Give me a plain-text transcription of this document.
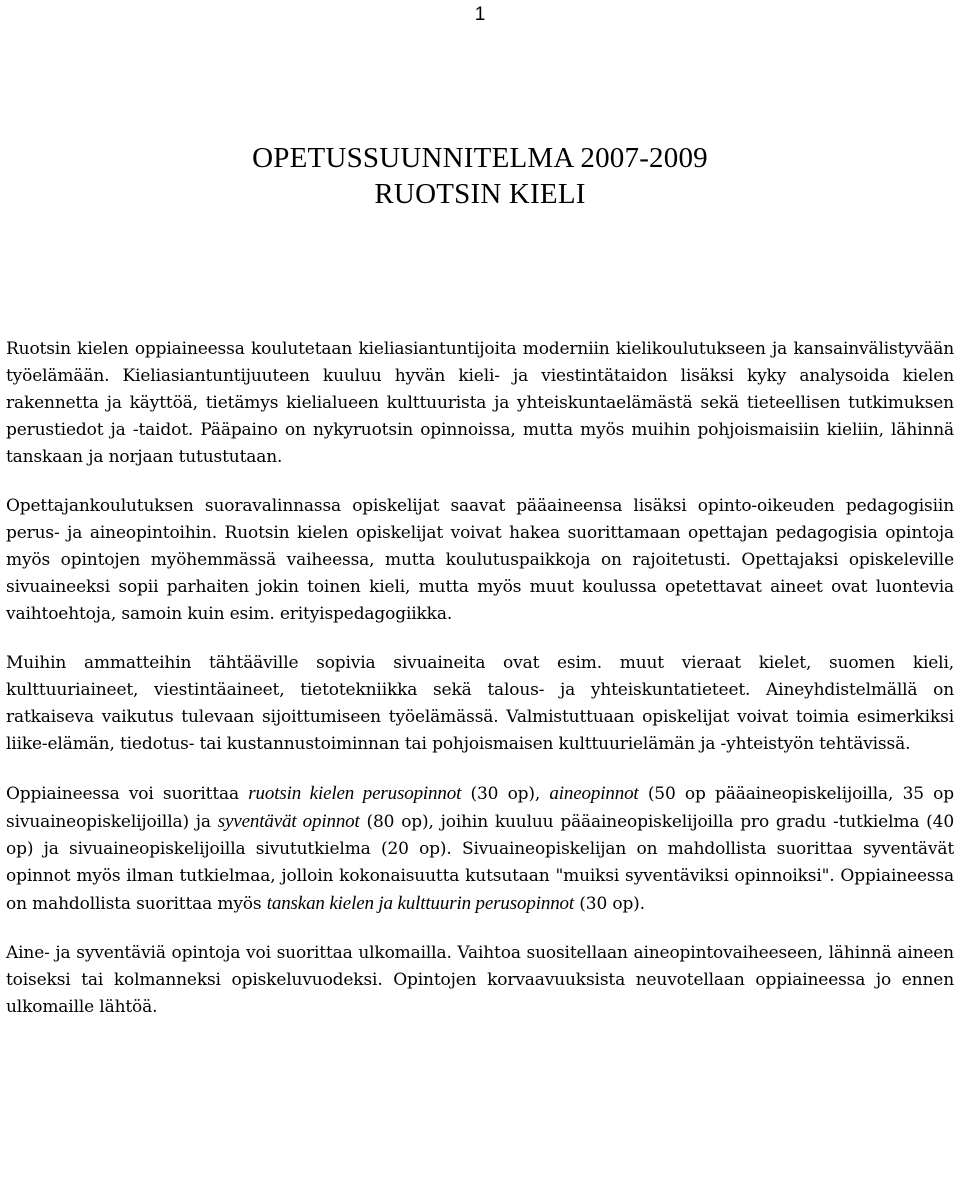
1
OPETUSSUUNNITELMA 2007-2009
RUOTSIN KIELI

Ruotsin kielen oppiaineessa koulutetaan kieliasiantuntijoita moderniin kielikoulutukseen ja kansainvälistyvään työelämään. Kieliasiantuntijuuteen kuuluu hyvän kieli- ja viestintätaidon lisäksi kyky analysoida kielen rakennetta ja käyttöä, tietämys kielialueen kulttuurista ja yhteiskuntaelämästä sekä tieteellisen tutkimuksen perustiedot ja -taidot. Pääpaino on nykyruotsin opinnoissa, mutta myös muihin pohjoismaisiin kieliin, lähinnä tanskaan ja norjaan tutustutaan.

Opettajankoulutuksen suoravalinnassa opiskelijat saavat pääaineensa lisäksi opinto-oikeuden pedagogisiin perus- ja aineopintoihin. Ruotsin kielen opiskelijat voivat hakea suorittamaan opettajan pedagogisia opintoja myös opintojen myöhemmässä vaiheessa, mutta koulutuspaikkoja on rajoitetusti. Opettajaksi opiskeleville sivuaineeksi sopii parhaiten jokin toinen kieli, mutta myös muut koulussa opetettavat aineet ovat luontevia vaihtoehtoja, samoin kuin esim. erityispedagogiikka.

Muihin ammatteihin tähtääville sopivia sivuaineita ovat esim. muut vieraat kielet, suomen kieli, kulttuuriaineet, viestintäaineet, tietotekniikka sekä talous- ja yhteiskuntatieteet. Aineyhdistelmällä on ratkaiseva vaikutus tulevaan sijoittumiseen työelämässä. Valmistuttuaan opiskelijat voivat toimia esimerkiksi liike-elämän, tiedotus- tai kustannustoiminnan tai pohjoismaisen kulttuurielämän ja -yhteistyön tehtävissä.

Oppiaineessa voi suorittaa ruotsin kielen perusopinnot (30 op), aineopinnot (50 op pääaineopiskelijoilla, 35 op sivuaineopiskelijoilla) ja syventävät opinnot (80 op), joihin kuuluu pääaineopiskelijoilla pro gradu -tutkielma (40 op) ja sivuaineopiskelijoilla sivututkielma (20 op). Sivuaineopiskelijan on mahdollista suorittaa syventävät opinnot myös ilman tutkielmaa, jolloin kokonaisuutta kutsutaan "muiksi syventäviksi opinnoiksi". Oppiaineessa on mahdollista suorittaa myös tanskan kielen ja kulttuurin perusopinnot (30 op).

Aine- ja syventäviä opintoja voi suorittaa ulkomailla. Vaihtoa suositellaan aineopintovaiheeseen, lähinnä aineen toiseksi tai kolmanneksi opiskeluvuodeksi. Opintojen korvaavuuksista neuvotellaan oppiaineessa jo ennen ulkomaille lähtöä.
